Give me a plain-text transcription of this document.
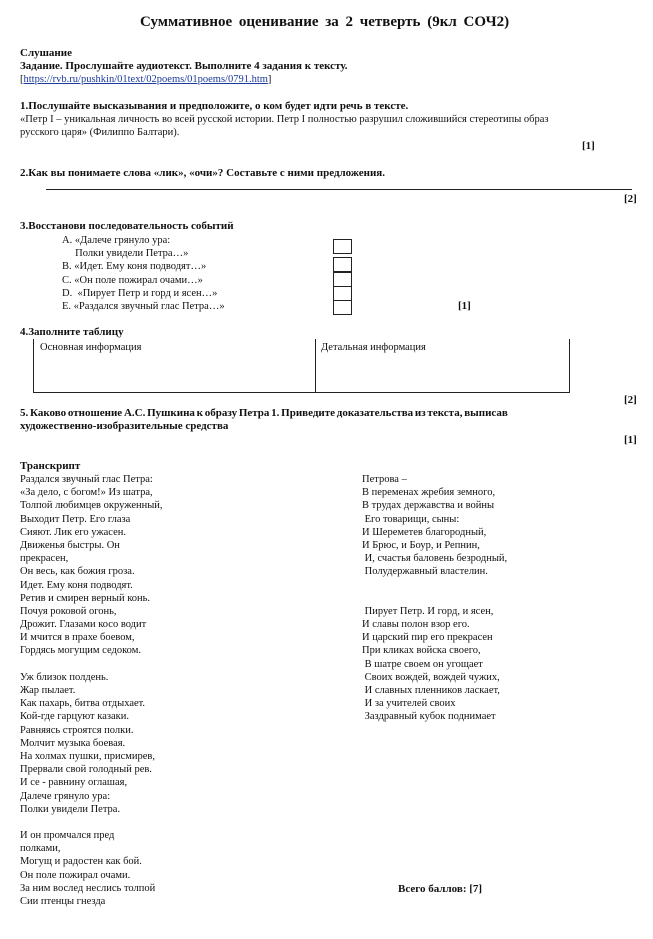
Суммативное оценивание за 2 четверть (9кл СОЧ2)
Слушание
Задание. Прослушайте аудиотекст. Выполните 4 задания к тексту.
[https://rvb.ru/pushkin/01text/02poems/01poems/0791.htm]
1.Послушайте высказывания и предположите, о ком будет идти речь в тексте.
«Петр I – уникальная личность во всей русской истории. Петр I полностью разрушил сложившийся стереотипы образ
русского царя» (Филиппо Балтари).
[1]
2.Как вы понимаете слова «лик», «очи»? Составьте с ними предложения.
[2]
3.Восстанови последовательность событий
А. «Далече грянуло ура:
Полки увидели Петра…»
В. «Идет. Ему коня подводят…»
С. «Он поле пожирал очами…»
D.  «Пирует Петр и горд и ясен…»
Е. «Раздался звучный глас Петра…»	[1]
4.Заполните таблицу
Основная информация	Детальная информация
[2]
5. Каково отношение А.С. Пушкина к образу Петра 1. Приведите доказательства из текста, выписав
художественно-изобразительные средства
[1]
Транскрипт
Раздался звучный глас Петра:
«За дело, с богом!» Из шатра,
Толпой любимцев окруженный,
Выходит Петр. Его глаза
Сияют. Лик его ужасен.
Движенья быстры. Он
прекрасен,
Он весь, как божия гроза.
Идет. Ему коня подводят.
Ретив и смирен верный конь.
Почуя роковой огонь,
Дрожит. Глазами косо водит
И мчится в прахе боевом,
Гордясь могущим седоком.
Уж близок полдень.
Жар пылает.
Как пахарь, битва отдыхает.
Кой-где гарцуют казаки.
Равняясь строятся полки.
Молчит музыка боевая.
На холмах пушки, присмирев,
Прервали свой голодный рев.
И се - равнину оглашая,
Далече грянуло ура:
Полки увидели Петра.
И он промчался пред
полками,
Могущ и радостен как бой.
Он поле пожирал очами.
За ним вослед неслись толпой
Сии птенцы гнезда
Петрова –
В переменах жребия земного,
В трудах державства и войны
Его товарищи, сыны:
И Шереметев благородный,
И Брюс, и Боур, и Репнин,
И, счастья баловень безродный,
Полудержавный властелин.
Пирует Петр. И горд, и ясен,
И славы полон взор его.
И царский пир его прекрасен
При кликах войска своего,
В шатре своем он угощает
Своих вождей, вождей чужих,
И славных пленников ласкает,
И за учителей своих
Заздравный кубок поднимает
Всего баллов: [7]
